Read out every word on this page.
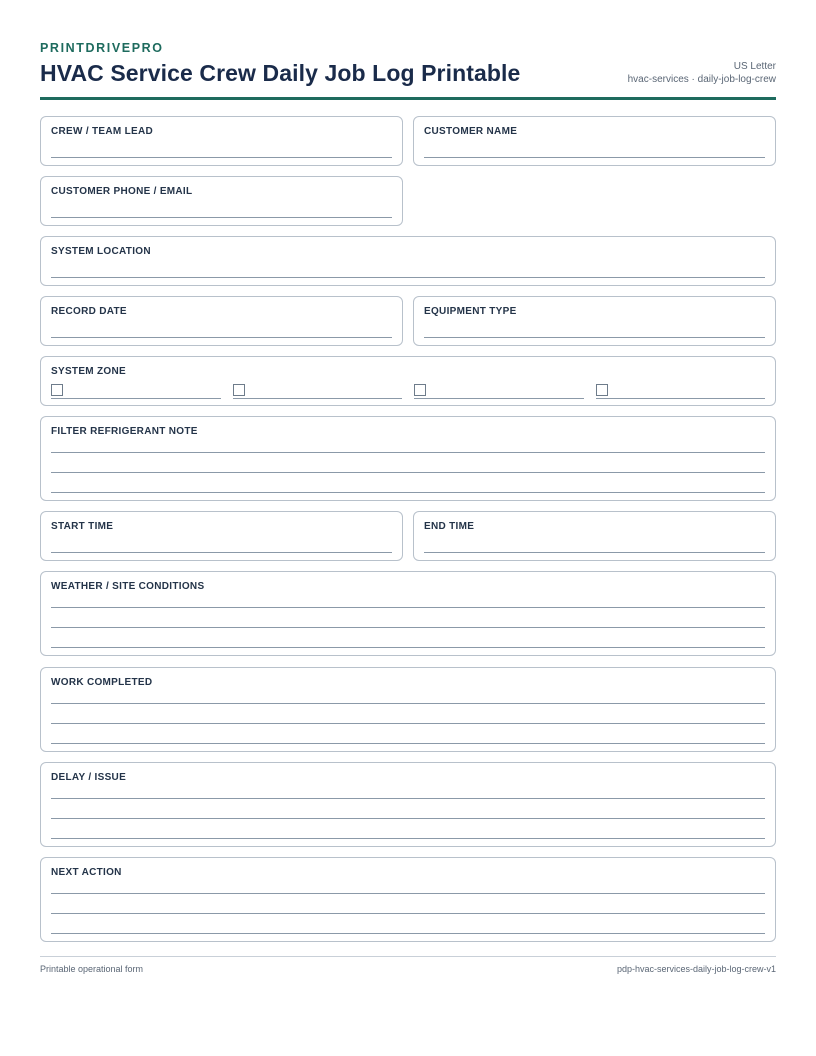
PRINTDRIVEPRO
HVAC Service Crew Daily Job Log Printable	US Letter
hvac-services · daily-job-log-crew
CREW / TEAM LEAD	CUSTOMER NAME
CUSTOMER PHONE / EMAIL
SYSTEM LOCATION
RECORD DATE	EQUIPMENT TYPE
SYSTEM ZONE
FILTER REFRIGERANT NOTE
START TIME	END TIME
WEATHER / SITE CONDITIONS
WORK COMPLETED
DELAY / ISSUE
NEXT ACTION
Printable operational form	pdp-hvac-services-daily-job-log-crew-v1
